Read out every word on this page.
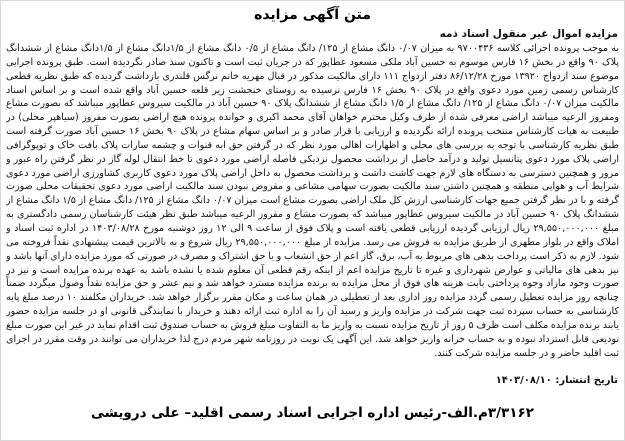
متن آگهی مزایده
مزایده اموال غیر منقول اسناد ذمه
به موجب پرونده اجرائی کلاسه ۹۷۰۰۴۳۶ به میزان ۰/۰۷ دانگ مشاع از ۱۲۵/ دانگ مشاع از ۰/۵ دانگ مشاع از ۱/۵دانگ مشاع از ۱/۵دانگ مشاع از ششدانگ پلاک ۹۰ واقع در بخش ۱۶ فارس موسوم به حسین آباد ملکی مسعود عطاپور که در جریان ثبت است و تاکنون سند صادر نگردیده است. طبق پرونده اجرایی موضوع سند ازدواج ۱۳۹۲۰ مورخ ۸۶/۱۲/۲۸ دفتر ازدواج ۱۱۱ دارای مالکیت مذکور در قبال مهریه خانم نرگس قلندری بازداشت گردیده که طبق نظریه قطعی کارشناس رسمی زمین مورد دعوی واقع در پلاک ۹۰ بخش ۱۶ فارس نرسیده به روستای خنجشت زیر قلعه حسین آباد واقع شده است و بر اساس اسناد مالکیت میزان ۰/۰۷ دانگ مشاع از ۱۲۵/ دانگ مشاع از ۱/۵ دانگ مشاع از ششدانگ پلاک ۹۰ حسین آباد در مالکیت سیروس عطاپور میباشد که بصورت مشاع ومفروز الرعیه میباشد اراضی معرفی شده از طرف وکیل محترم خواهان آقای محمد اکبری و خوانده پرونده هیچ اراضی بصورت مفروز (سیاهپر محلی) در طبیعت به هیات کارشناس منتخب پرونده ارائه نگردیده و ارزیابی با قرار صادر و بر اساس سهام مشاع در پلاک ۹۰ بخش ۱۶ حسین آباد صورت گرفته است طبق نظریه کارشناسی با توجه به بررسی های محلی و اظهارات اهالی مورد نظر که در گرفتن حق ابه قنوات و چشمه سارات پلاک بافت خاک و توپوگرافی اراضی پلاک مورد دعوی پتانسیل تولید و درآمد حاصل از برداشت محصول نزدیکی فاصله اراضی مورد دعوی تا خط انتقال لوله گاز در نظر گرفتن راه عبور و مرور و همچنین دسترسی به دستگاه های لازم جهت کاشت داشت و برداشت محصول به داخل اراضی پلاک مورد دعوی کاربری کشاورزی اراضی مورد دعوی شرایط آب و هوایی منطقه و همچنین داشتن سند مالکیت بصورت سهامی مشاعی و مفروض نبودن سند مالکیت اراضی مورد دعوی تحقیقات محلی صورت گرفته و با در نظر گرفتن جمیع جهات کارشناسی ارزش کل ملک اراضی بصورت مشاع است میزان ۰/۰۷ دانگ مشاع از ۱۲۵/ دانگ مشاع از ۱/۵ دانگ مشاع از ششدانگ پلاک ۹۰ حسین آباد در مالکیت سیروس عطاپور میباشد که بصورت مشاع و مفروز الرعیه میباشد طبق نظر هیئت کارشناسان رسمی دادگستری به مبلغ ۲۹,۵۵۰,۰۰۰,۰۰۰ ریال ارزیابی گردیده ارزیابی قطعی یافته است و پلاک فوق از ساعت ۹ الی ۱۲ روز دوشنبه مورخ ۱۴۰۳/۰۸/۲۸ در اداره ثبت اسناد و املاک واقع در بلوار مطهری از طریق مزایده به فروش می رسد. مزایده از مبلغ ۲۹,۵۵۰,۰۰۰,۰۰۰ ریال شروع و به بالاترین قیمت پیشنهادی نقداً فروخته می شود. لازم به ذکر است پرداخت بدهی های مربوط به آب، برق، گاز اعم از حق انشعاب و یا حق اشتراک و مصرف در صورتی که مورد مزایده دارای آنها باشد و نیز بدهی های مالیاتی و عوارض شهرداری و غیره تا تاریخ مزایده اعم از اینکه رقم قطعی آن معلوم شده یا نشده باشد به عهده برنده مزایده است و نیز در صورت وجود مازاد وجوه پرداختی بابت هزینه های فوق از محل مزایده به برنده مزایده مسترد خواهد شد و نیم عشر و حق مزایده نقداً وصول میگردد ضمناً چنانچه روز مزایده تعطیل رسمی گردد مزایده روز اداری بعد از تعطیلی در همان ساعت و مکان مقرر برگزار خواهد شد. خریداران مکلفند ۱۰ درصد مبلغ پایه کارشناسی به حساب سپرده ثبت جهت شرکت در مزایده واریز و رسید آن را به اداره ثبت ارائه دهند و خریدار با نمایندگی قانونی او در جلسه مزایده حضور یابند برنده مزایده مکلف است ظرف ۵ روز از تاریخ مزایده نسبت به واریز ما به التفاوت مبلغ فروش به حساب صندوق ثبت اقدام نماید در غیر این صورت مبلغ تودیعی قابل استرداد نبوده و به حساب خزانه واریز خواهد شد. این آگهی یک نوبت در روزنامه شهر مردم درج لذا خریداران می توانند در وقت مقرر در اجرای ثبت اقلید حاضر و در جلسه مزایده شرکت کنند.
تاریخ انتشار: ۱۴۰۳/۰۸/۱۰
۳/۳۱۶۲م.الف-رئیس اداره اجرایی اسناد رسمی اقلید– علی درویشی
